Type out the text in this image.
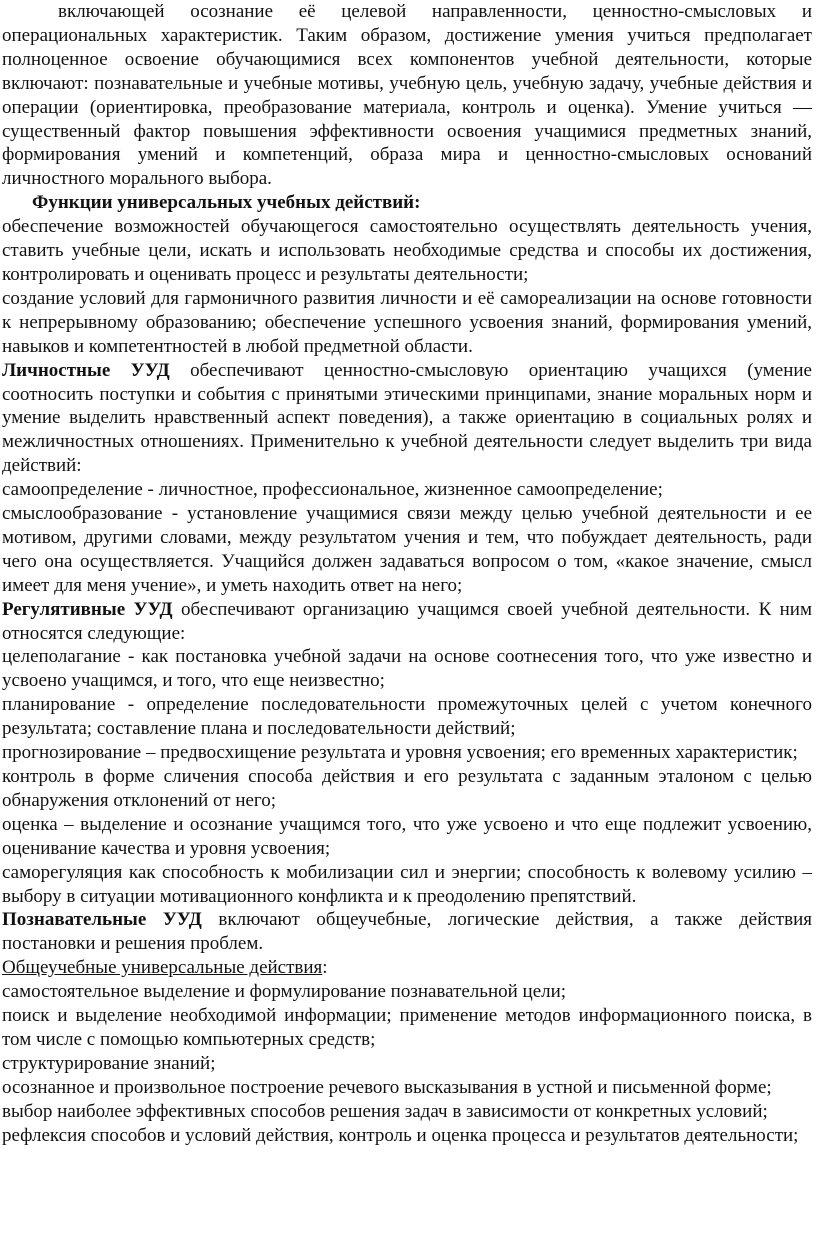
включающей осознание её целевой направленности, ценностно-смысловых и операциональных характеристик. Таким образом, достижение умения учиться предполагает полноценное освоение обучающимися всех компонентов учебной деятельности, которые включают: познавательные и учебные мотивы, учебную цель, учебную задачу, учебные действия и операции (ориентировка, преобразование материала, контроль и оценка). Умение учиться — существенный фактор повышения эффективности освоения учащимися предметных знаний, формирования умений и компетенций, образа мира и ценностно-смысловых оснований личностного морального выбора.

Функции универсальных учебных действий:

обеспечение возможностей обучающегося самостоятельно осуществлять деятельность учения, ставить учебные цели, искать и использовать необходимые средства и способы их достижения, контролировать и оценивать процесс и результаты деятельности;

создание условий для гармоничного развития личности и её самореализации на основе готовности к непрерывному образованию; обеспечение успешного усвоения знаний, формирования умений, навыков и компетентностей в любой предметной области.

Личностные УУД обеспечивают ценностно-смысловую ориентацию учащихся (умение соотносить поступки и события с принятыми этическими принципами, знание моральных норм и умение выделить нравственный аспект поведения), а также ориентацию в социальных ролях и межличностных отношениях. Применительно к учебной деятельности следует выделить три вида действий:

самоопределение - личностное, профессиональное, жизненное самоопределение;

смыслообразование - установление учащимися связи между целью учебной деятельности и ее мотивом, другими словами, между результатом учения и тем, что побуждает деятельность, ради чего она осуществляется. Учащийся должен задаваться вопросом о том, «какое значение, смысл имеет для меня учение», и уметь находить ответ на него;

Регулятивные УУД обеспечивают организацию учащимся своей учебной деятельности. К ним относятся следующие:

целеполагание - как постановка учебной задачи на основе соотнесения того, что уже известно и усвоено учащимся, и того, что еще неизвестно;

планирование - определение последовательности промежуточных целей с учетом конечного результата; составление плана и последовательности действий;

прогнозирование – предвосхищение результата и уровня усвоения; его временных характеристик;

контроль в форме сличения способа действия и его результата с заданным эталоном с целью обнаружения отклонений от него;

оценка – выделение и осознание учащимся того, что уже усвоено и что еще подлежит усвоению, оценивание качества и уровня усвоения;

саморегуляция как способность к мобилизации сил и энергии; способность к волевому усилию – выбору в ситуации мотивационного конфликта и к преодолению препятствий.

Познавательные УУД включают общеучебные, логические действия, а также действия постановки и решения проблем.

Общеучебные универсальные действия:

самостоятельное выделение и формулирование познавательной цели;

поиск и выделение необходимой информации; применение методов информационного поиска, в том числе с помощью компьютерных средств;

структурирование знаний;

осознанное и произвольное построение речевого высказывания в устной и письменной форме;

выбор наиболее эффективных способов решения задач в зависимости от конкретных условий;

рефлексия способов и условий действия, контроль и оценка процесса и результатов деятельности;
